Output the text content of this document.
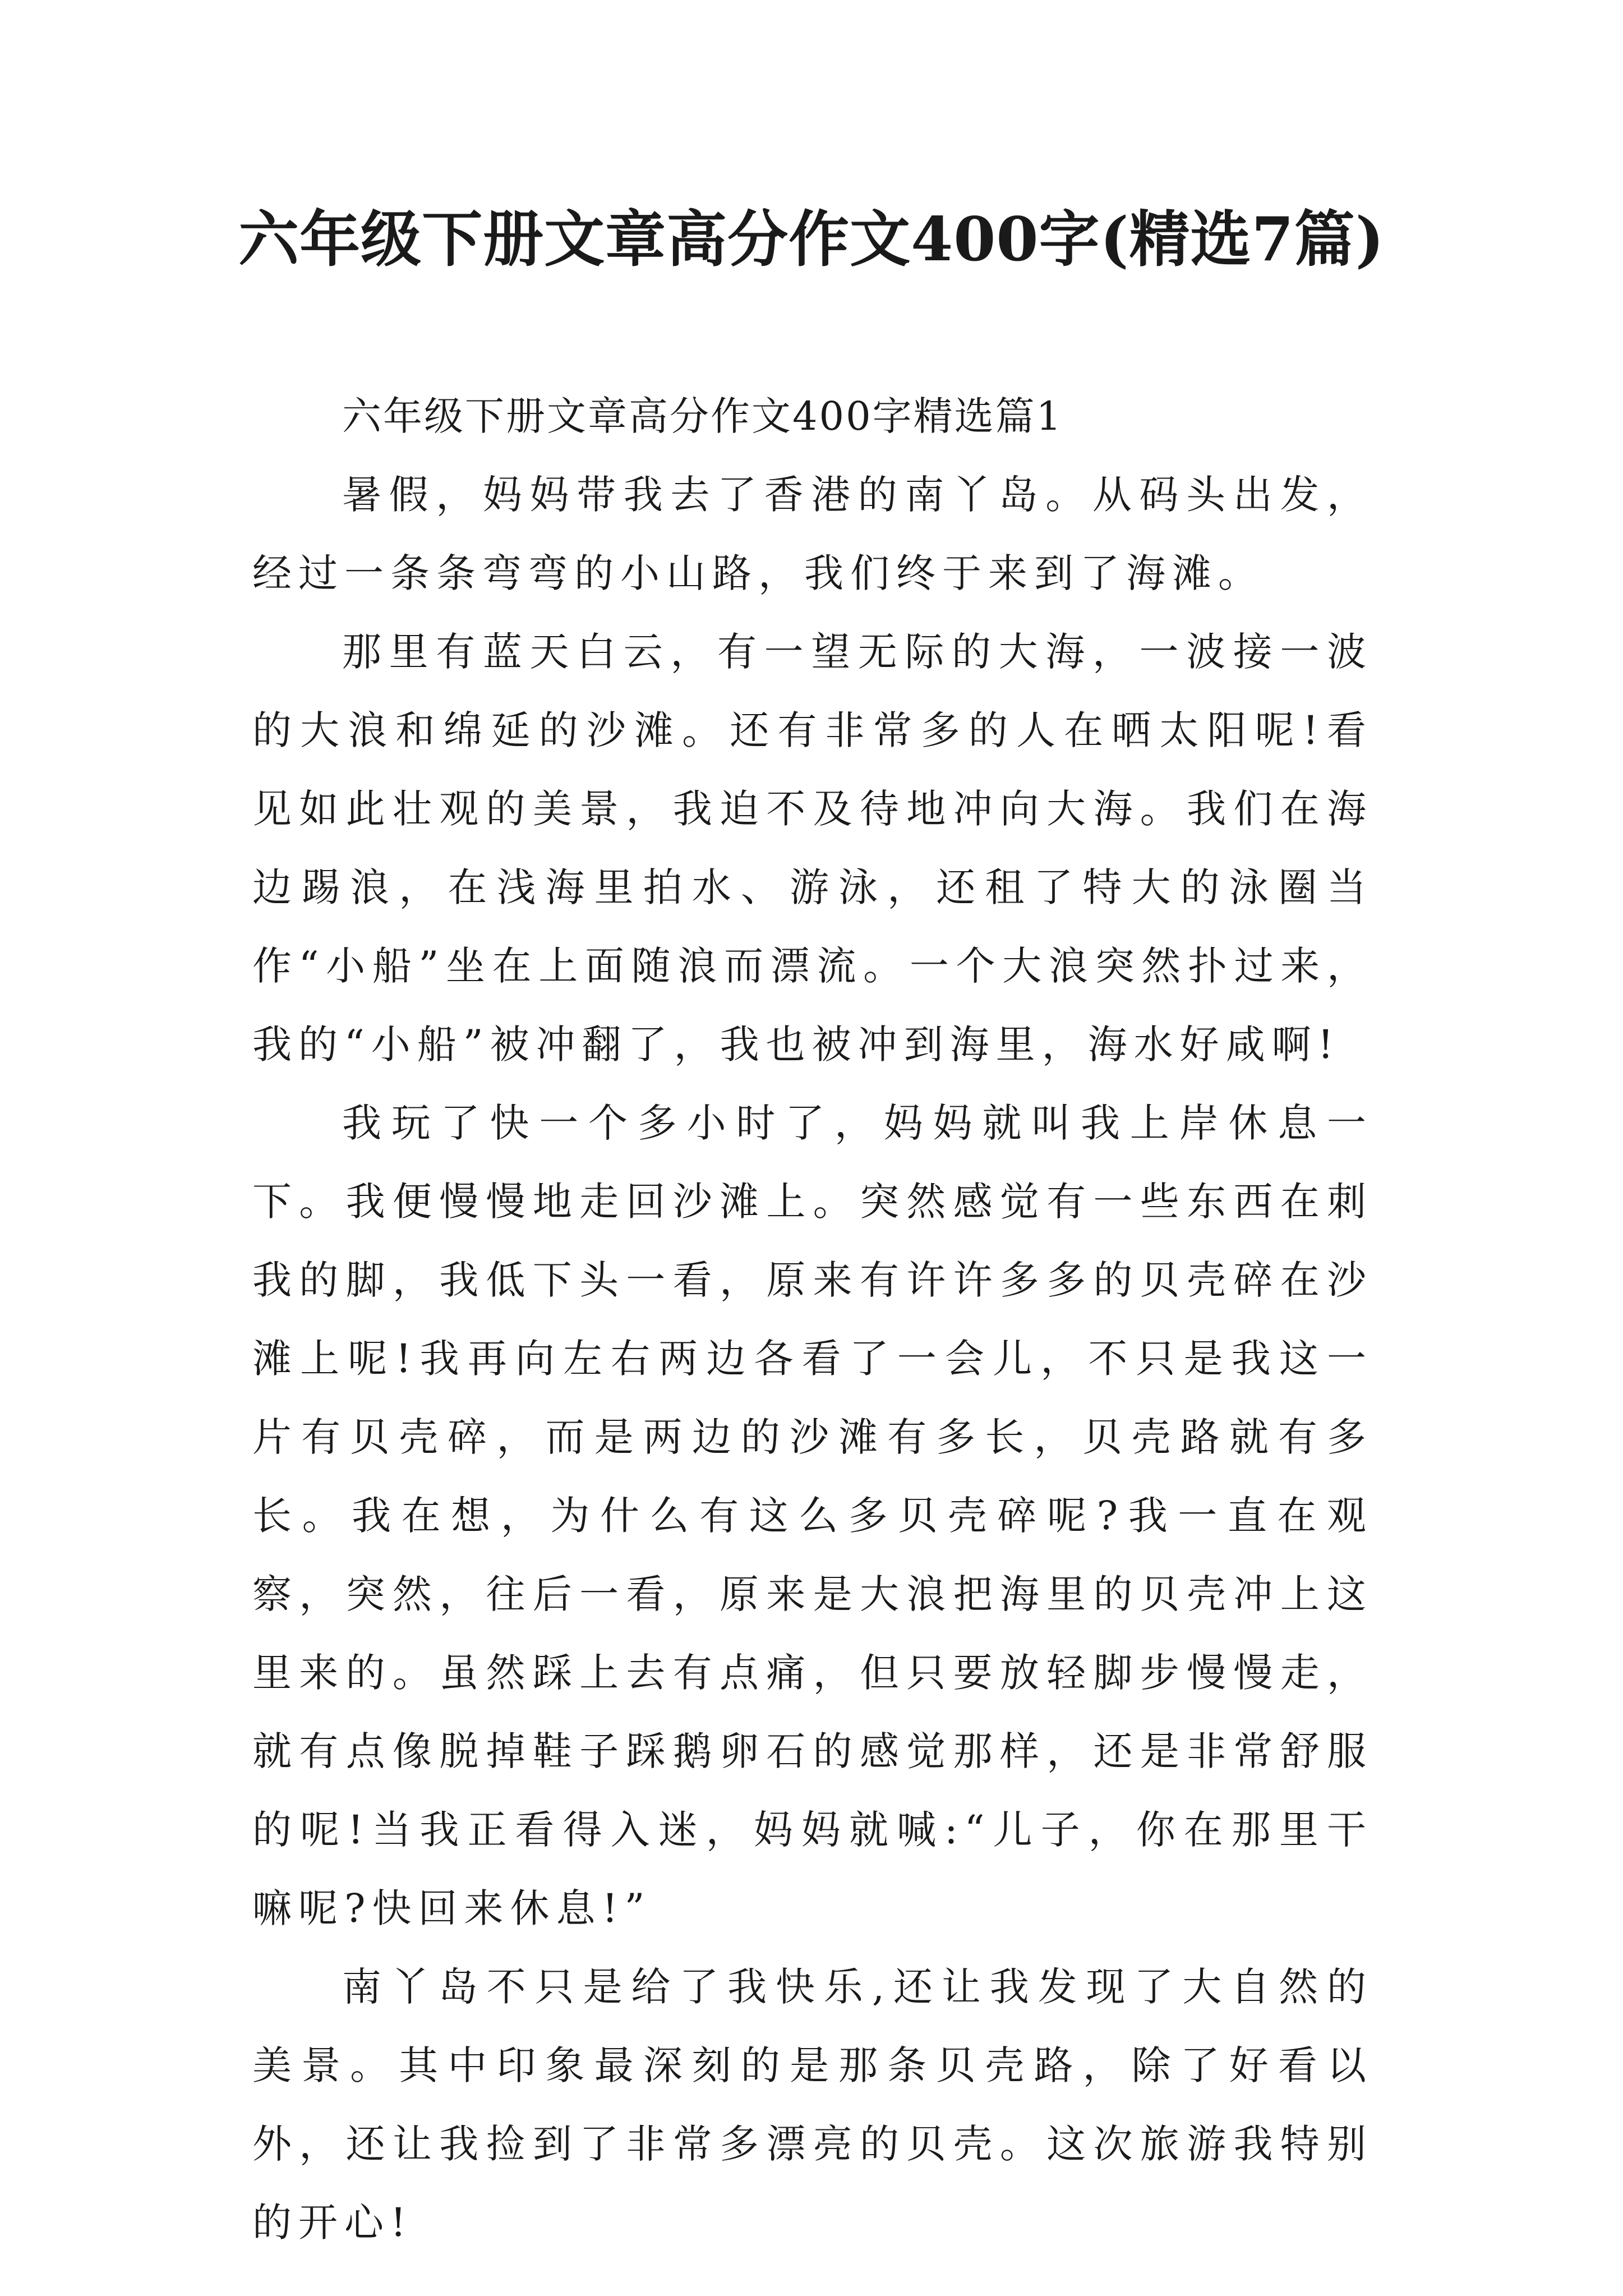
六年级下册文章高分作文400字(精选7篇)
六年级下册文章高分作文400字精选篇1

暑假，妈妈带我去了香港的南丫岛。从码头出发，经过一条条弯弯的小山路，我们终于来到了海滩。

那里有蓝天白云，有一望无际的大海，一波接一波的大浪和绵延的沙滩。还有非常多的人在晒太阳呢!看见如此壮观的美景，我迫不及待地冲向大海。我们在海边踢浪，在浅海里拍水、游泳，还租了特大的泳圈当作“小船”坐在上面随浪而漂流。一个大浪突然扑过来，我的“小船”被冲翻了，我也被冲到海里，海水好咸啊!

我玩了快一个多小时了，妈妈就叫我上岸休息一下。我便慢慢地走回沙滩上。突然感觉有一些东西在刺我的脚，我低下头一看，原来有许许多多的贝壳碎在沙滩上呢!我再向左右两边各看了一会儿，不只是我这一片有贝壳碎，而是两边的沙滩有多长，贝壳路就有多长。我在想，为什么有这么多贝壳碎呢?我一直在观察，突然，往后一看，原来是大浪把海里的贝壳冲上这里来的。虽然踩上去有点痛，但只要放轻脚步慢慢走，就有点像脱掉鞋子踩鹅卵石的感觉那样，还是非常舒服的呢!当我正看得入迷，妈妈就喊:“儿子，你在那里干嘛呢?快回来休息!”

南丫岛不只是给了我快乐,还让我发现了大自然的美景。其中印象最深刻的是那条贝壳路，除了好看以外，还让我捡到了非常多漂亮的贝壳。这次旅游我特别的开心!
